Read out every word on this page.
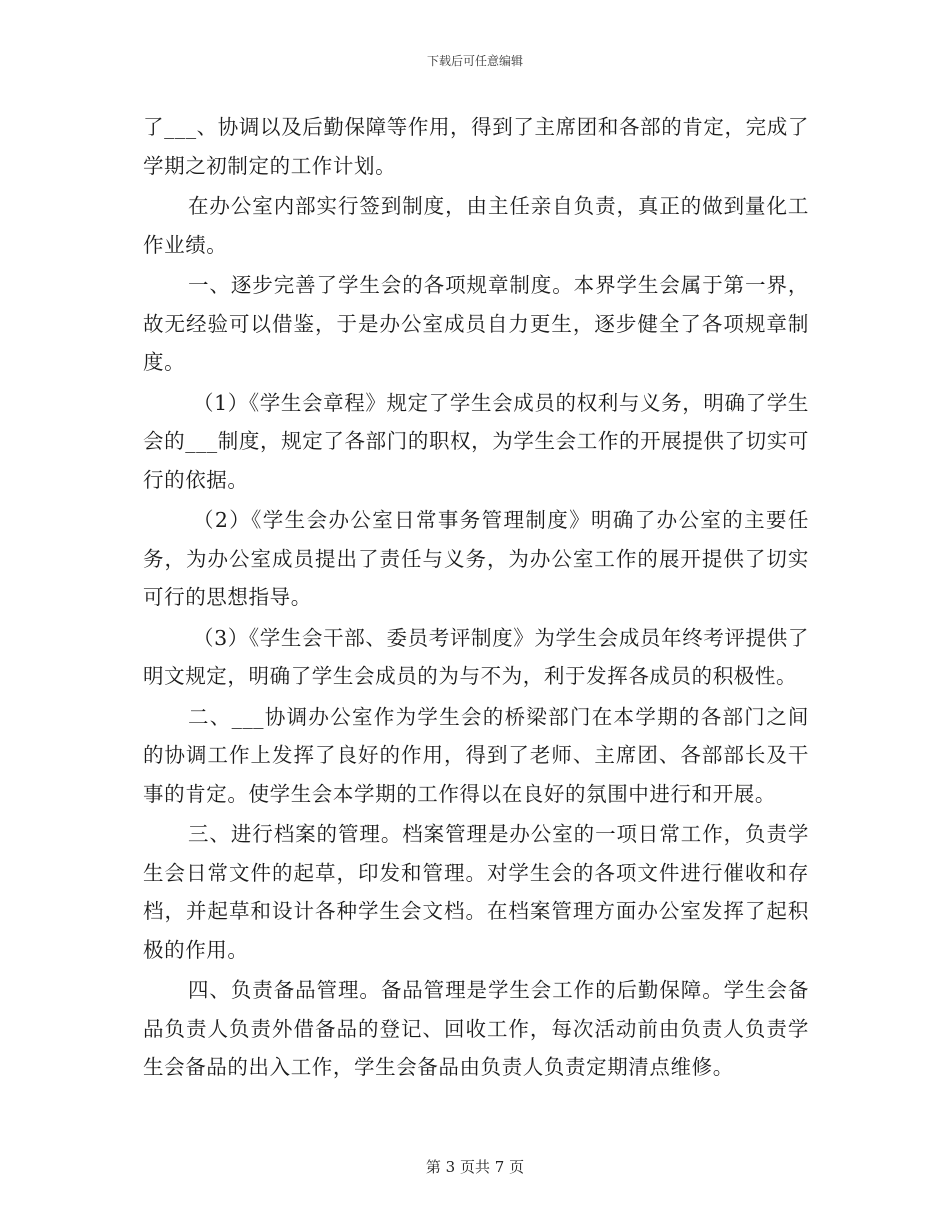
下载后可任意编辑

了___、协调以及后勤保障等作用，得到了主席团和各部的肯定，完成了学期之初制定的工作计划。

在办公室内部实行签到制度，由主任亲自负责，真正的做到量化工作业绩。

一、逐步完善了学生会的各项规章制度。本界学生会属于第一界，故无经验可以借鉴，于是办公室成员自力更生，逐步健全了各项规章制度。

（1）《学生会章程》规定了学生会成员的权利与义务，明确了学生会的___制度，规定了各部门的职权，为学生会工作的开展提供了切实可行的依据。

（2）《学生会办公室日常事务管理制度》明确了办公室的主要任务，为办公室成员提出了责任与义务，为办公室工作的展开提供了切实可行的思想指导。

（3）《学生会干部、委员考评制度》为学生会成员年终考评提供了明文规定，明确了学生会成员的为与不为，利于发挥各成员的积极性。

二、___协调办公室作为学生会的桥梁部门在本学期的各部门之间的协调工作上发挥了良好的作用，得到了老师、主席团、各部部长及干事的肯定。使学生会本学期的工作得以在良好的氛围中进行和开展。

三、进行档案的管理。档案管理是办公室的一项日常工作，负责学生会日常文件的起草，印发和管理。对学生会的各项文件进行催收和存档，并起草和设计各种学生会文档。在档案管理方面办公室发挥了起积极的作用。

四、负责备品管理。备品管理是学生会工作的后勤保障。学生会备品负责人负责外借备品的登记、回收工作，每次活动前由负责人负责学生会备品的出入工作，学生会备品由负责人负责定期清点维修。

第 3 页共 7 页
